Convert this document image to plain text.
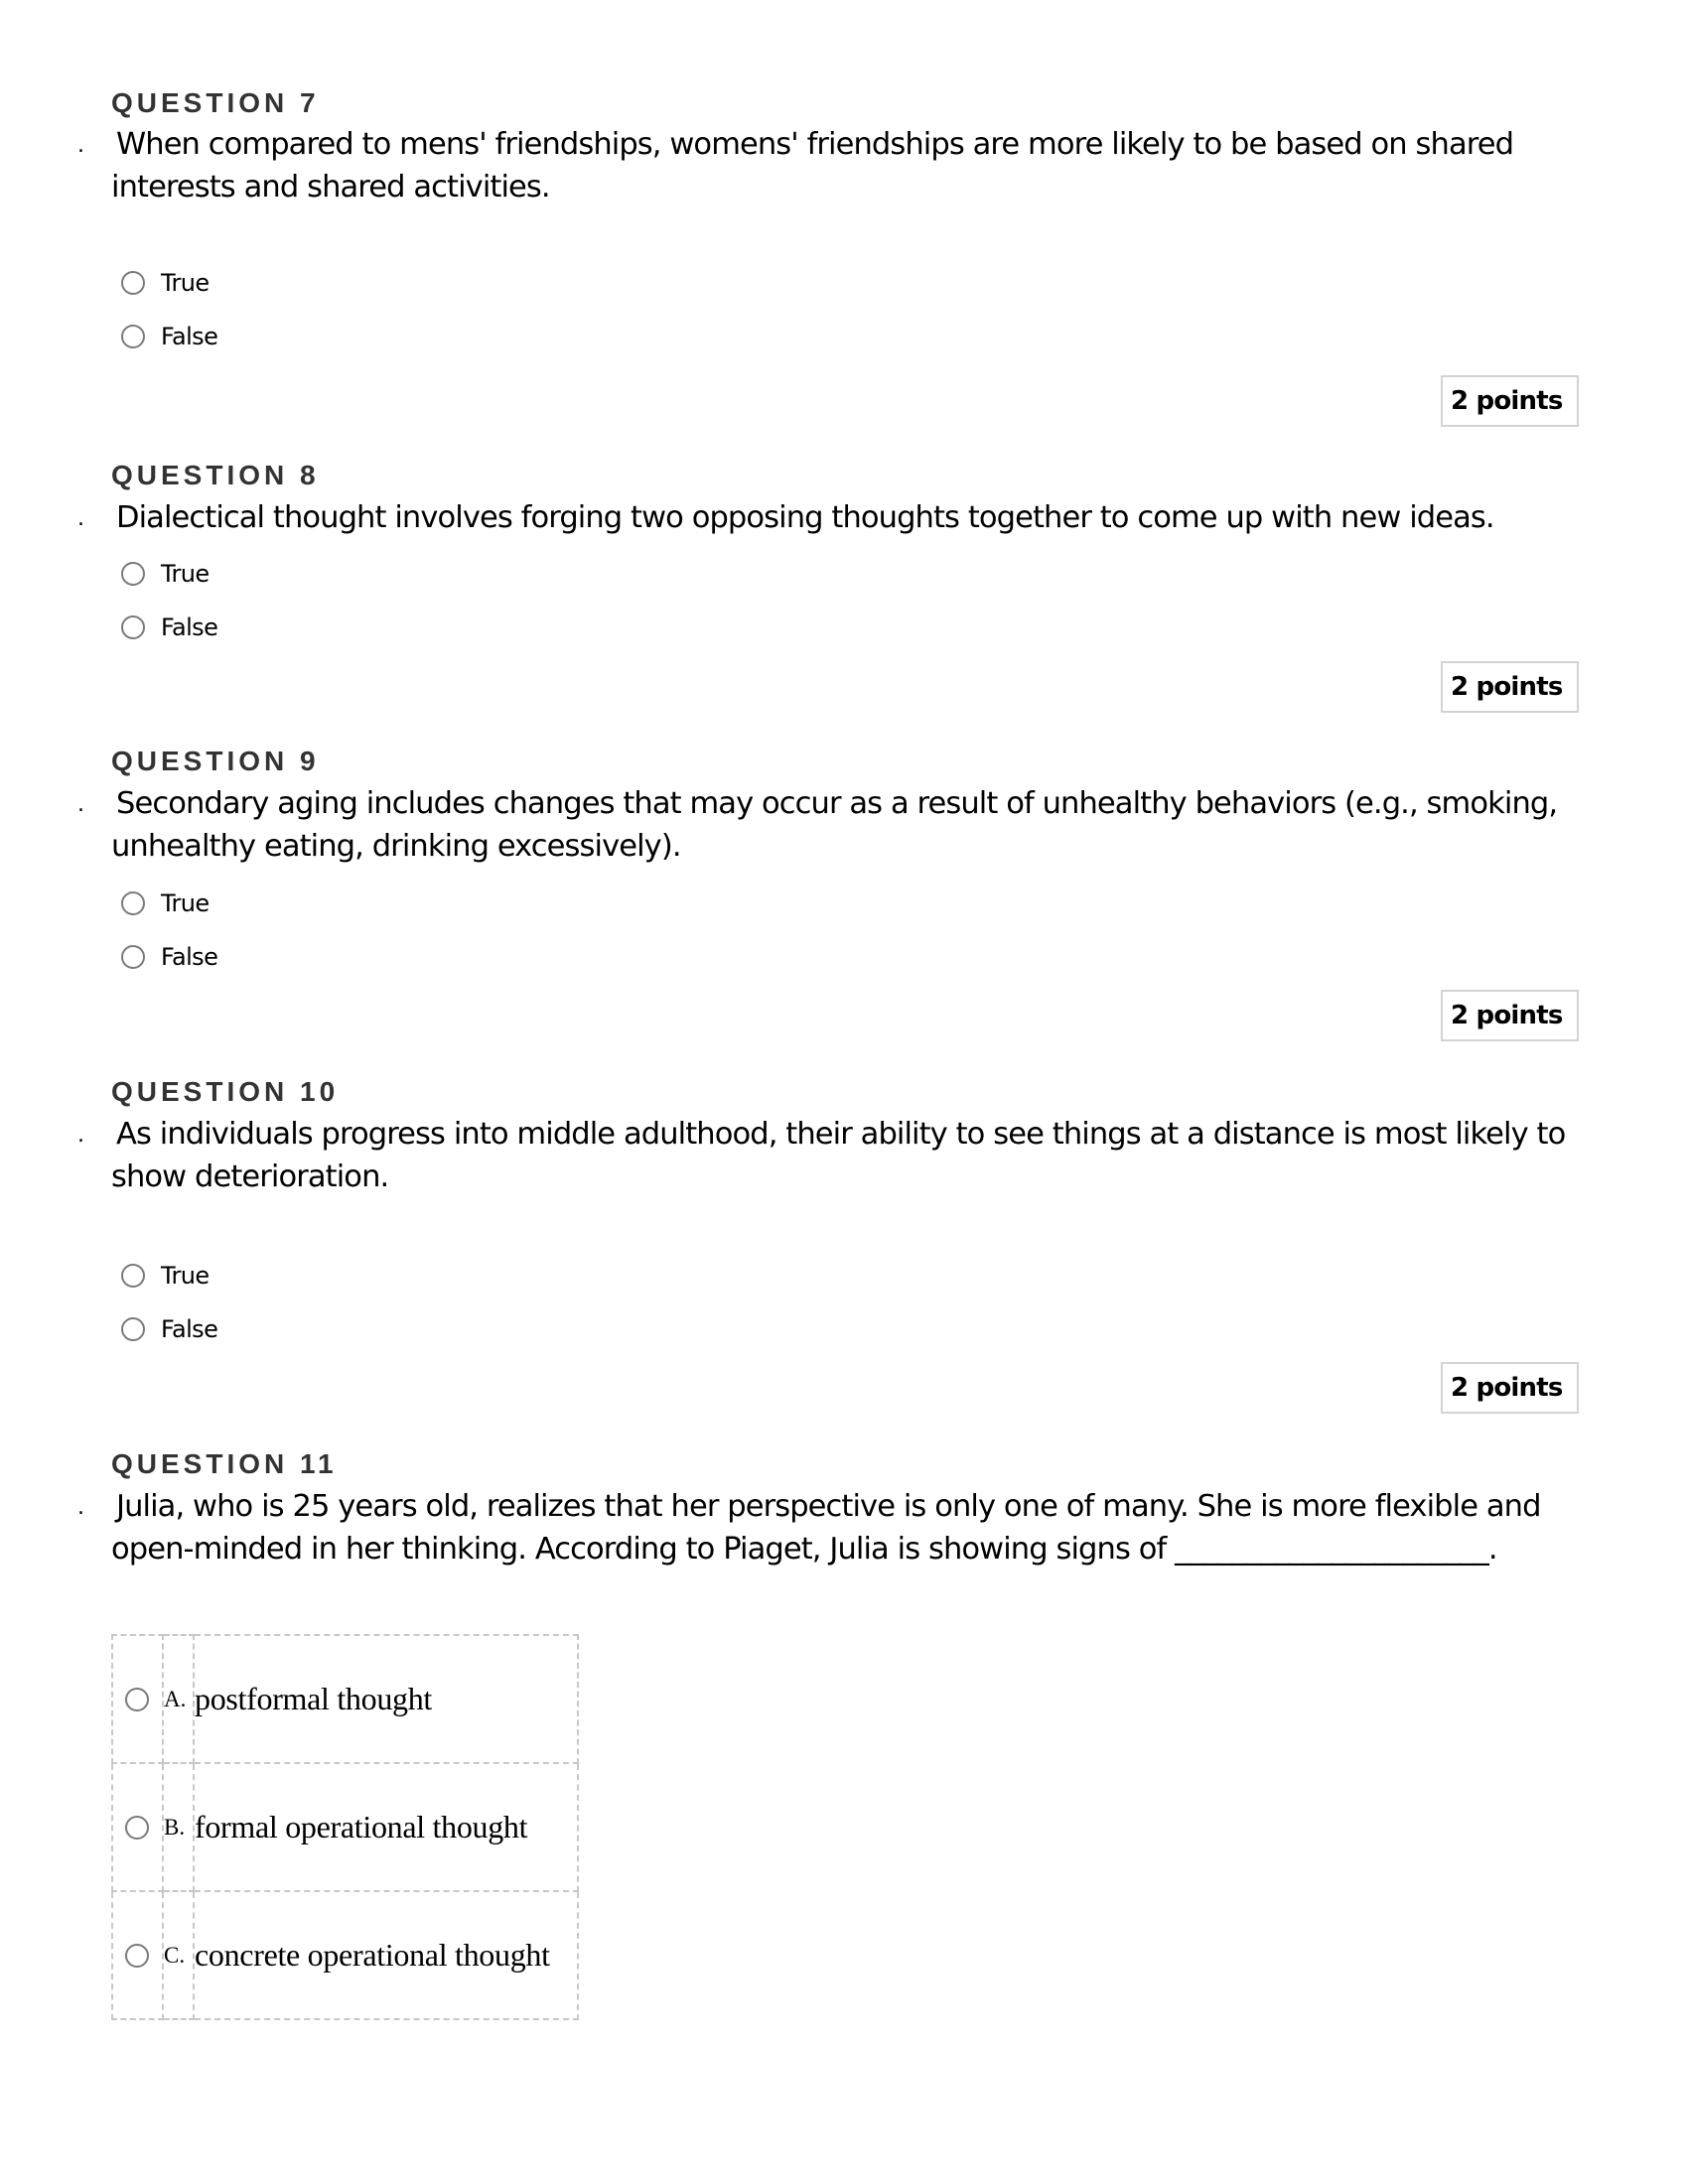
QUESTION 7
. When compared to mens' friendships, womens' friendships are more likely to be based on shared interests and shared activities.

True
False
2 points
QUESTION 8
. Dialectical thought involves forging two opposing thoughts together to come up with new ideas.

True
False
2 points
QUESTION 9
. Secondary aging includes changes that may occur as a result of unhealthy behaviors (e.g., smoking, unhealthy eating, drinking excessively).

True
False
2 points
QUESTION 10
. As individuals progress into middle adulthood, their ability to see things at a distance is most likely to show deterioration.

True
False
2 points
QUESTION 11
. Julia, who is 25 years old, realizes that her perspective is only one of many. She is more flexible and open-minded in her thinking. According to Piaget, Julia is showing signs of ______________________.

	A.	postformal thought
	B.	formal operational thought
	C.	concrete operational thought
